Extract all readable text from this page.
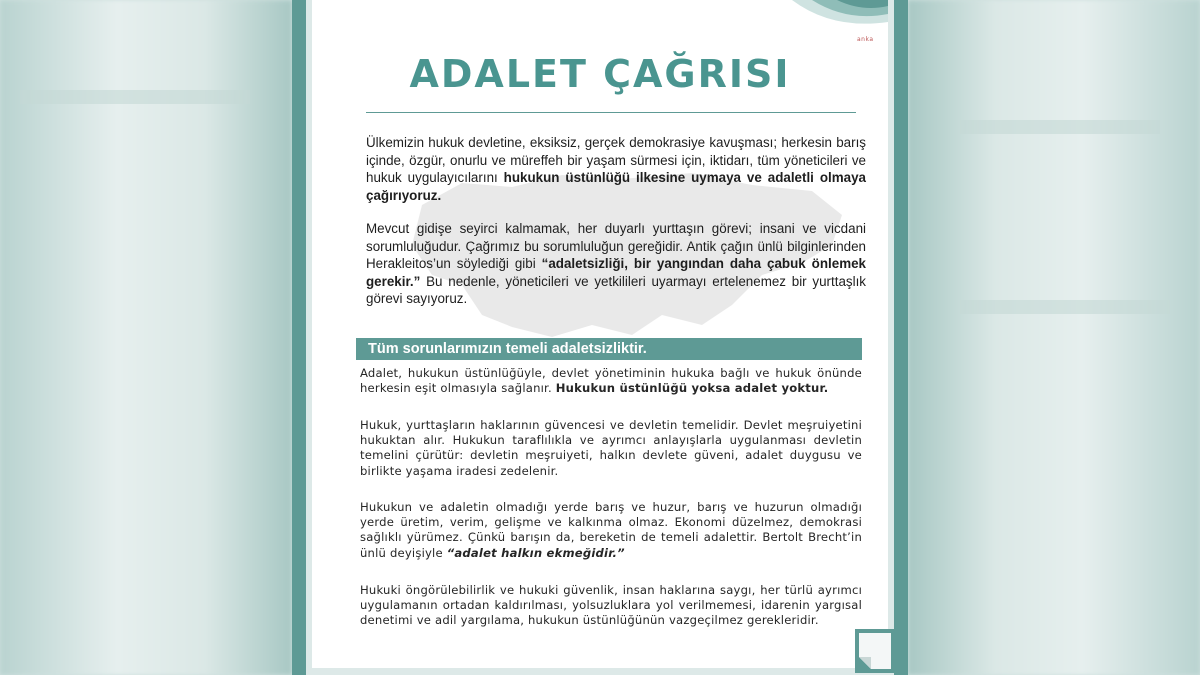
anka
ADALET ÇAĞRISI

Ülkemizin hukuk devletine, eksiksiz, gerçek demokrasiye kavuşması; herkesin barış içinde, özgür, onurlu ve müreffeh bir yaşam sürmesi için, iktidarı, tüm yöneticileri ve hukuk uygulayıcılarını hukukun üstünlüğü ilkesine uymaya ve adaletli olmaya çağırıyoruz.

Mevcut gidişe seyirci kalmamak, her duyarlı yurttaşın görevi; insani ve vicdani sorumluluğudur. Çağrımız bu sorumluluğun gereğidir. Antik çağın ünlü bilginlerinden Herakleitos’un söylediği gibi “adaletsizliği, bir yangından daha çabuk önlemek gerekir.” Bu nedenle, yöneticileri ve yetkilileri uyarmayı ertelenemez bir yurttaşlık görevi sayıyoruz.

Tüm sorunlarımızın temeli adaletsizliktir.

Adalet, hukukun üstünlüğüyle, devlet yönetiminin hukuka bağlı ve hukuk önünde herkesin eşit olmasıyla sağlanır. Hukukun üstünlüğü yoksa adalet yoktur.

Hukuk, yurttaşların haklarının güvencesi ve devletin temelidir. Devlet meşruiyetini hukuktan alır. Hukukun taraflılıkla ve ayrımcı anlayışlarla uygulanması devletin temelini çürütür: devletin meşruiyeti, halkın devlete güveni, adalet duygusu ve birlikte yaşama iradesi zedelenir.

Hukukun ve adaletin olmadığı yerde barış ve huzur, barış ve huzurun olmadığı yerde üretim, verim, gelişme ve kalkınma olmaz. Ekonomi düzelmez, demokrasi sağlıklı yürümez. Çünkü barışın da, bereketin de temeli adalettir. Bertolt Brecht’in ünlü deyişiyle “adalet halkın ekmeğidir.”

Hukuki öngörülebilirlik ve hukuki güvenlik, insan haklarına saygı, her türlü ayrımcı uygulamanın ortadan kaldırılması, yolsuzluklara yol verilmemesi, idarenin yargısal denetimi ve adil yargılama, hukukun üstünlüğünün vazgeçilmez gerekleridir.
